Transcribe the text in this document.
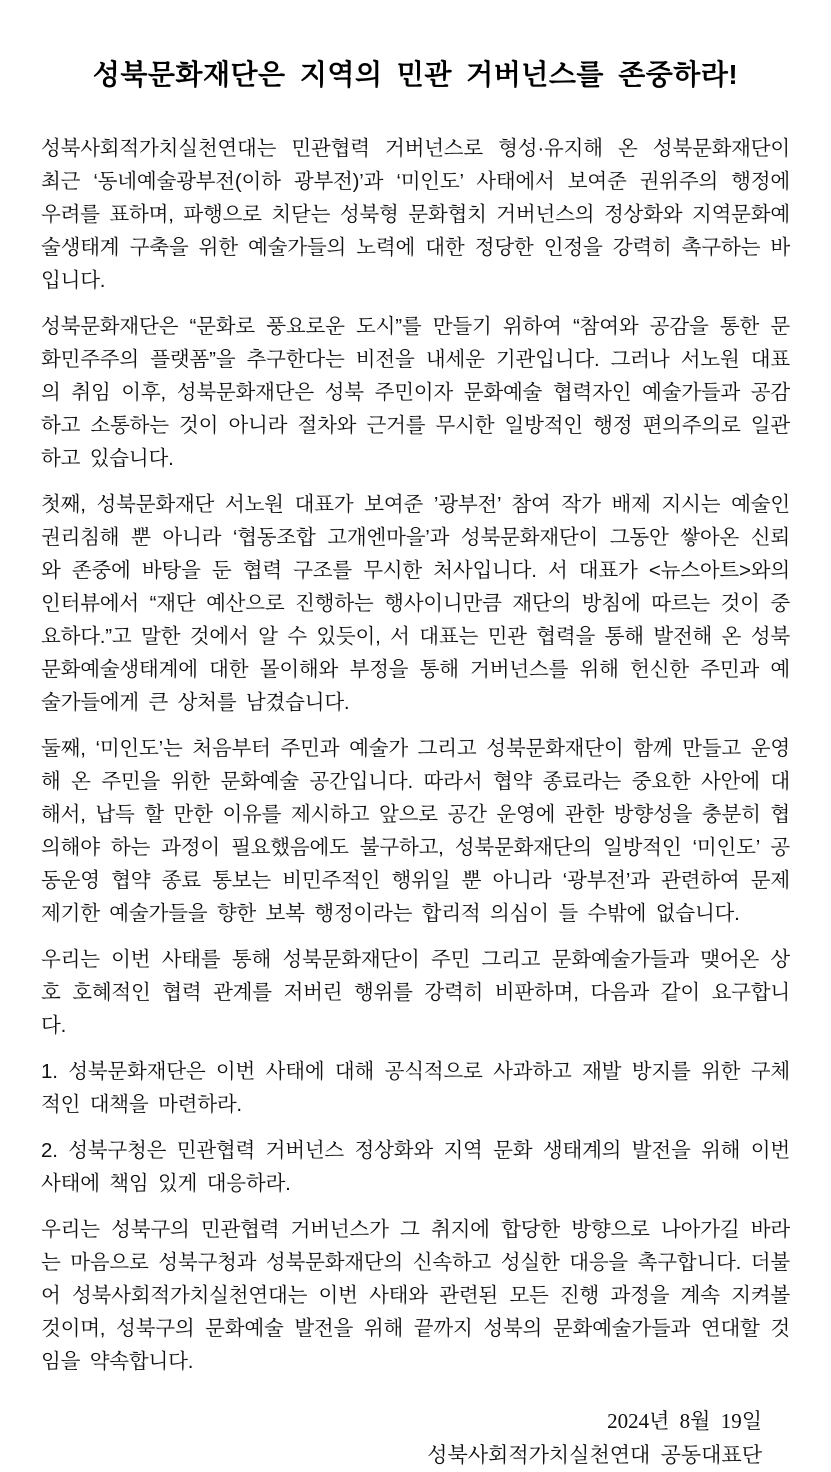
성북문화재단은 지역의 민관 거버넌스를 존중하라!

성북사회적가치실천연대는 민관협력 거버넌스로 형성·유지해 온 성북문화재단이 최근 ‘동네예술광부전(이하 광부전)’과 ‘미인도’ 사태에서 보여준 권위주의 행정에 우려를 표하며, 파행으로 치닫는 성북형 문화협치 거버넌스의 정상화와 지역문화예술생태계 구축을 위한 예술가들의 노력에 대한 정당한 인정을 강력히 촉구하는 바입니다.

성북문화재단은 “문화로 풍요로운 도시”를 만들기 위하여 “참여와 공감을 통한 문화민주주의 플랫폼”을 추구한다는 비전을 내세운 기관입니다. 그러나 서노원 대표의 취임 이후, 성북문화재단은 성북 주민이자 문화예술 협력자인 예술가들과 공감하고 소통하는 것이 아니라 절차와 근거를 무시한 일방적인 행정 편의주의로 일관하고 있습니다.

첫째, 성북문화재단 서노원 대표가 보여준 ’광부전’ 참여 작가 배제 지시는 예술인 권리침해 뿐 아니라 ‘협동조합 고개엔마을’과 성북문화재단이 그동안 쌓아온 신뢰와 존중에 바탕을 둔 협력 구조를 무시한 처사입니다. 서 대표가 <뉴스아트>와의 인터뷰에서 “재단 예산으로 진행하는 행사이니만큼 재단의 방침에 따르는 것이 중요하다.”고 말한 것에서 알 수 있듯이, 서 대표는 민관 협력을 통해 발전해 온 성북문화예술생태계에 대한 몰이해와 부정을 통해 거버넌스를 위해 헌신한 주민과 예술가들에게 큰 상처를 남겼습니다.

둘째, ‘미인도’는 처음부터 주민과 예술가 그리고 성북문화재단이 함께 만들고 운영해 온 주민을 위한 문화예술 공간입니다. 따라서 협약 종료라는 중요한 사안에 대해서, 납득 할 만한 이유를 제시하고 앞으로 공간 운영에 관한 방향성을 충분히 협의해야 하는 과정이 필요했음에도 불구하고, 성북문화재단의 일방적인 ‘미인도’ 공동운영 협약 종료 통보는 비민주적인 행위일 뿐 아니라 ‘광부전’과 관련하여 문제 제기한 예술가들을 향한 보복 행정이라는 합리적 의심이 들 수밖에 없습니다.

우리는 이번 사태를 통해 성북문화재단이 주민 그리고 문화예술가들과 맺어온 상호 호혜적인 협력 관계를 저버린 행위를 강력히 비판하며, 다음과 같이 요구합니다.

1. 성북문화재단은 이번 사태에 대해 공식적으로 사과하고 재발 방지를 위한 구체적인 대책을 마련하라.

2. 성북구청은 민관협력 거버넌스 정상화와 지역 문화 생태계의 발전을 위해 이번 사태에 책임 있게 대응하라.

우리는 성북구의 민관협력 거버넌스가 그 취지에 합당한 방향으로 나아가길 바라는 마음으로 성북구청과 성북문화재단의 신속하고 성실한 대응을 촉구합니다. 더불어 성북사회적가치실천연대는 이번 사태와 관련된 모든 진행 과정을 계속 지켜볼 것이며, 성북구의 문화예술 발전을 위해 끝까지 성북의 문화예술가들과 연대할 것임을 약속합니다.

2024년 8월 19일

성북사회적가치실천연대 공동대표단
